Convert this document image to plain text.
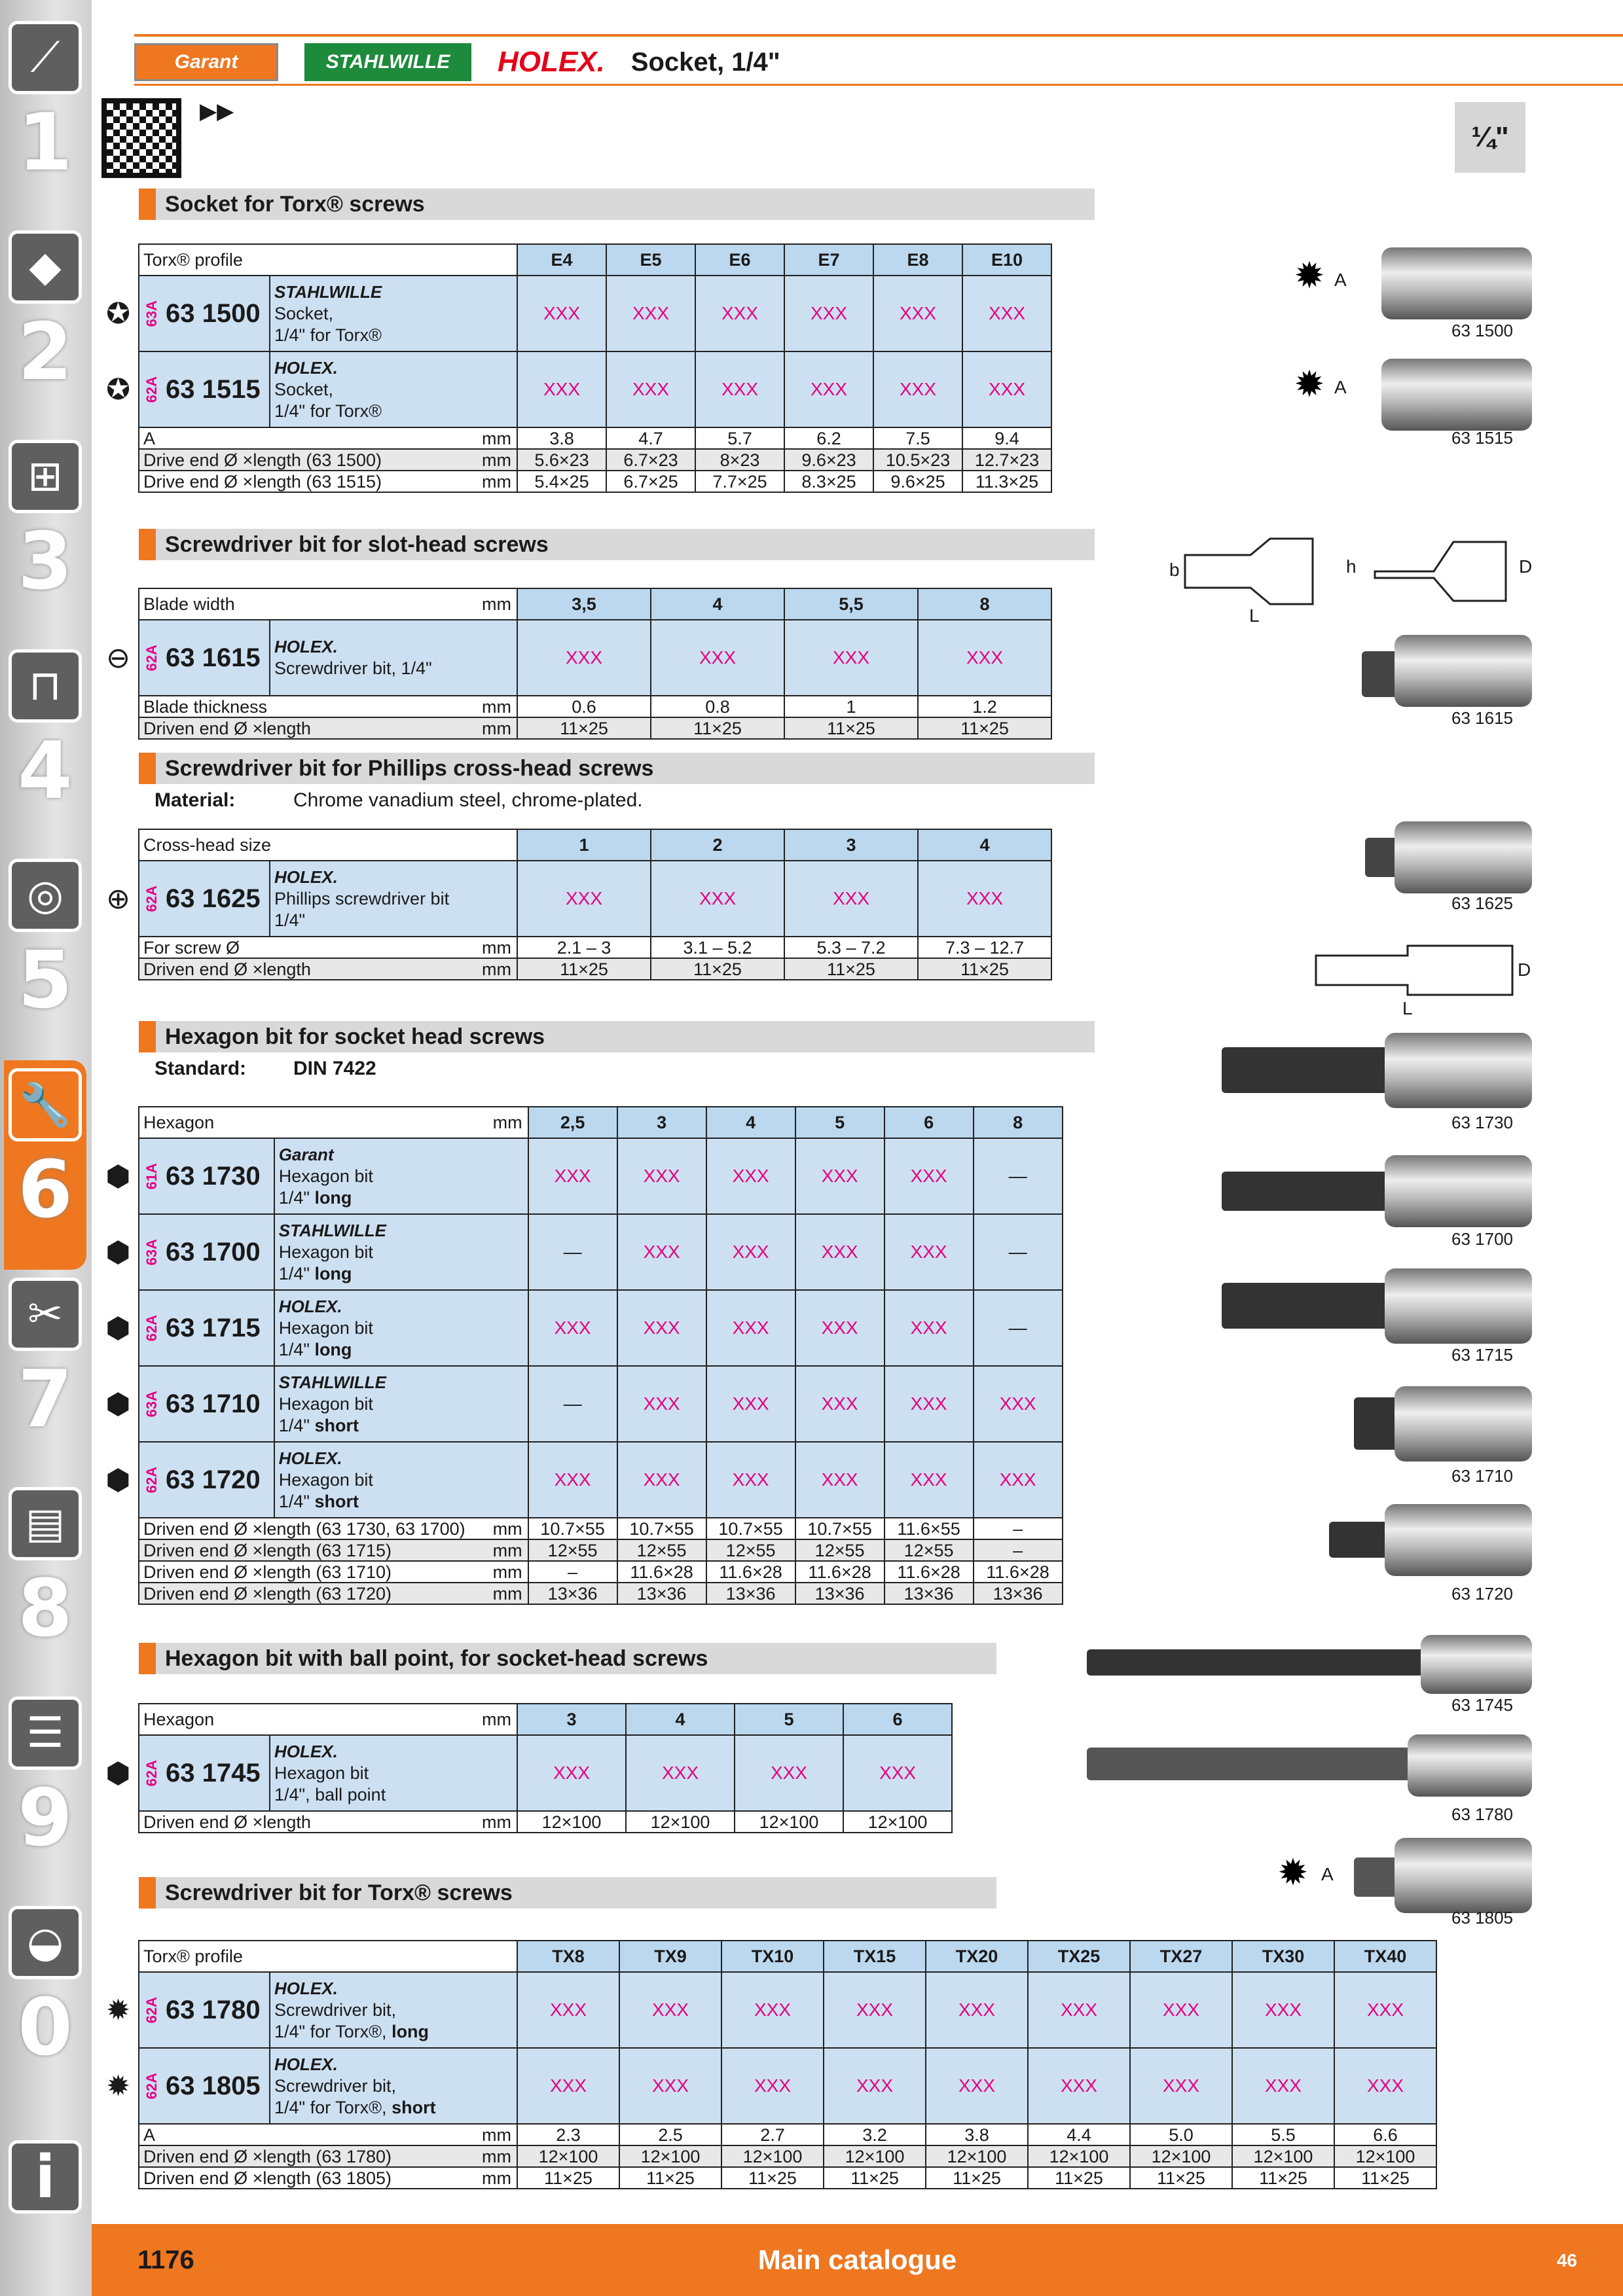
⟋
1
◆
2
⊞
3
⊓
4
◎
5
🔧
6
✂
7
▤
8
☰
9
◒
0
i
Garant	STAHLWILLE	HOLEX. Socket, 1/4"
▶▶
¼"
Socket for Torx® screws
	Torx® profile			E4	E5	E6	E7	E8	E10
✪	63A 63 1500	STAHLWILLE
Socket,
1/4" for Torx®		XXX	XXX	XXX	XXX	XXX	XXX
✪	62A 63 1515	HOLEX.
Socket,
1/4" for Torx®		XXX	XXX	XXX	XXX	XXX	XXX
	A		mm	3.8	4.7	5.7	6.2	7.5	9.4
	Drive end Ø ×length (63 1500)		mm	5.6×23	6.7×23	8×23	9.6×23	10.5×23	12.7×23
	Drive end Ø ×length (63 1515)		mm	5.4×25	6.7×25	7.7×25	8.3×25	9.6×25	11.3×25
Screwdriver bit for slot-head screws
	Blade width		mm	3,5	4	5,5	8
⊖	62A 63 1615	HOLEX.
Screwdriver bit, 1/4"		XXX	XXX	XXX	XXX
	Blade thickness		mm	0.6	0.8	1	1.2
	Driven end Ø ×length		mm	11×25	11×25	11×25	11×25
Screwdriver bit for Phillips cross-head screws
Material:	Chrome vanadium steel, chrome-plated.
	Cross-head size			1	2	3	4
⊕	62A 63 1625	HOLEX.
Phillips screwdriver bit
1/4"		XXX	XXX	XXX	XXX
	For screw Ø		mm	2.1 – 3	3.1 – 5.2	5.3 – 7.2	7.3 – 12.7
	Driven end Ø ×length		mm	11×25	11×25	11×25	11×25
Hexagon bit for socket head screws
Standard:	DIN 7422
	Hexagon		mm	2,5	3	4	5	6	8
⬢	61A 63 1730	Garant
Hexagon bit
1/4" long		XXX	XXX	XXX	XXX	XXX	—
⬢	63A 63 1700	STAHLWILLE
Hexagon bit
1/4" long		—	XXX	XXX	XXX	XXX	—
⬢	62A 63 1715	HOLEX.
Hexagon bit
1/4" long		XXX	XXX	XXX	XXX	XXX	—
⬢	63A 63 1710	STAHLWILLE
Hexagon bit
1/4" short		—	XXX	XXX	XXX	XXX	XXX
⬢	62A 63 1720	HOLEX.
Hexagon bit
1/4" short		XXX	XXX	XXX	XXX	XXX	XXX
	Driven end Ø ×length (63 1730, 63 1700)		mm	10.7×55	10.7×55	10.7×55	10.7×55	11.6×55	–
	Driven end Ø ×length (63 1715)		mm	12×55	12×55	12×55	12×55	12×55	–
	Driven end Ø ×length (63 1710)		mm	–	11.6×28	11.6×28	11.6×28	11.6×28	11.6×28
	Driven end Ø ×length (63 1720)		mm	13×36	13×36	13×36	13×36	13×36	13×36
Hexagon bit with ball point, for socket-head screws
	Hexagon		mm	3	4	5	6
⬢	62A 63 1745	HOLEX.
Hexagon bit
1/4", ball point		XXX	XXX	XXX	XXX
	Driven end Ø ×length		mm	12×100	12×100	12×100	12×100
Screwdriver bit for Torx® screws
	Torx® profile			TX8	TX9	TX10	TX15	TX20	TX25	TX27	TX30	TX40
✹	62A 63 1780	HOLEX.
Screwdriver bit,
1/4" for Torx®, long		XXX	XXX	XXX	XXX	XXX	XXX	XXX	XXX	XXX
✹	62A 63 1805	HOLEX.
Screwdriver bit,
1/4" for Torx®, short		XXX	XXX	XXX	XXX	XXX	XXX	XXX	XXX	XXX
	A		mm	2.3	2.5	2.7	3.2	3.8	4.4	5.0	5.5	6.6
	Driven end Ø ×length (63 1780)		mm	12×100	12×100	12×100	12×100	12×100	12×100	12×100	12×100	12×100
	Driven end Ø ×length (63 1805)		mm	11×25	11×25	11×25	11×25	11×25	11×25	11×25	11×25	11×25
✹ A
63 1500
✹ A
63 1515
b
L
h	D
63 1615
63 1625
L
D
63 1730
63 1700
63 1715
63 1710
63 1720
63 1745
63 1780
✹ A
63 1805
1176	Main catalogue	46
